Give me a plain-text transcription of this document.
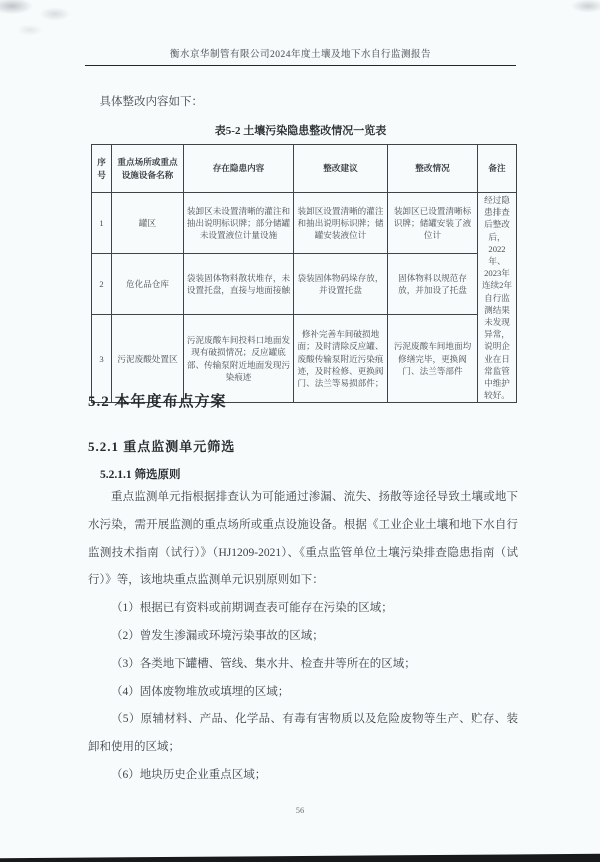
衡水京华制管有限公司2024年度土壤及地下水自行监测报告
具体整改内容如下：
表5-2 土壤污染隐患整改情况一览表
序号	重点场所或重点设施设备名称	存在隐患内容	整改建议	整改情况	备注
1	罐区	装卸区未设置清晰的灌注和抽出说明标识牌；部分储罐未设置液位计量设施	装卸区设置清晰的灌注和抽出说明标识牌；储罐安装液位计	装卸区已设置清晰标识牌；储罐安装了液位计	经过隐患排查后整改后，2022年、2023年连续2年自行监测结果未发现异常，说明企业在日常监管中维护较好。
2	危化品仓库	袋装固体物料散状堆存，未设置托盘，直接与地面接触	袋装固体物码垛存放，并设置托盘	固体物料以规范存放，并加设了托盘	
3	污泥废酸处置区	污泥废酸车间投料口地面发现有破损情况；反应罐底部、传输泵附近地面发现污染痕迹	修补完善车间破损地面；及时清除反应罐、废酸传输泵附近污染痕迹，及时检修、更换阀门、法兰等易损部件；	污泥废酸车间地面均修缮完毕，更换阀门、法兰等部件	
5.2 本年度布点方案
5.2.1 重点监测单元筛选
5.2.1.1 筛选原则

重点监测单元指根据排查认为可能通过渗漏、流失、扬散等途径导致土壤或地下水污染，需开展监测的重点场所或重点设施设备。根据《工业企业土壤和地下水自行监测技术指南（试行）》（HJ1209-2021）、《重点监管单位土壤污染排查隐患指南（试行）》等，该地块重点监测单元识别原则如下：

（1）根据已有资料或前期调查表可能存在污染的区域；

（2）曾发生渗漏或环境污染事故的区域；

（3）各类地下罐槽、管线、集水井、检查井等所在的区域；

（4）固体废物堆放或填埋的区域；

（5）原辅材料、产品、化学品、有毒有害物质以及危险废物等生产、贮存、装卸和使用的区域；

（6）地块历史企业重点区域；

56
